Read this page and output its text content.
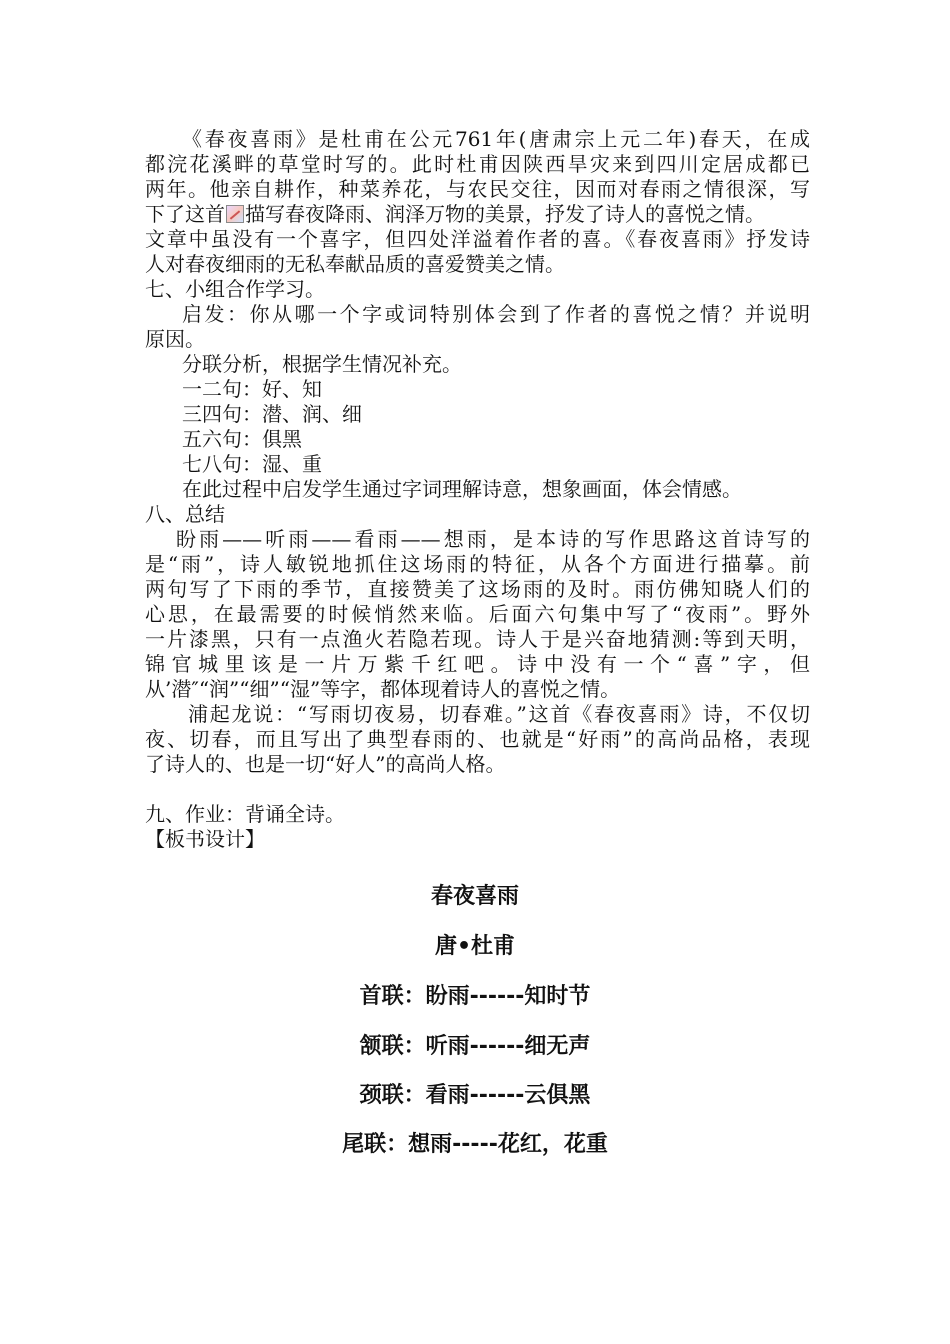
《春夜喜雨》是杜甫在公元761年(唐肃宗上元二年)春天，在成
都浣花溪畔的草堂时写的。此时杜甫因陕西旱灾来到四川定居成都已
两年。他亲自耕作，种菜养花，与农民交往，因而对春雨之情很深，写
下了这首 描写春夜降雨、润泽万物的美景，抒发了诗人的喜悦之情。
文章中虽没有一个喜字，但四处洋溢着作者的喜。《春夜喜雨》抒发诗
人对春夜细雨的无私奉献品质的喜爱赞美之情。
七、小组合作学习。
启发：你从哪一个字或词特别体会到了作者的喜悦之情？并说明
原因。
分联分析，根据学生情况补充。
一二句：好、知
三四句：潜、润、细
五六句：俱黑
七八句：湿、重
在此过程中启发学生通过字词理解诗意，想象画面，体会情感。
八、总结
盼雨——听雨——看雨——想雨，是本诗的写作思路这首诗写的
是“雨”，诗人敏锐地抓住这场雨的特征，从各个方面进行描摹。前
两句写了下雨的季节，直接赞美了这场雨的及时。雨仿佛知晓人们的
心思，在最需要的时候悄然来临。后面六句集中写了“夜雨”。野外
一片漆黑，只有一点渔火若隐若现。诗人于是兴奋地猜测:等到天明，
锦官城里该是一片万紫千红吧。诗中没有一个“喜”字，但
从’潜″“润”“细”“湿”等字，都体现着诗人的喜悦之情。
浦起龙说：“写雨切夜易，切春难。”这首《春夜喜雨》诗，不仅切
夜、切春，而且写出了典型春雨的、也就是“好雨”的高尚品格，表现
了诗人的、也是一切“好人”的高尚人格。
九、作业：背诵全诗。
【板书设计】
春夜喜雨
唐•杜甫
首联：盼雨------知时节
颔联：听雨------细无声
颈联：看雨------云俱黑
尾联：想雨-----花红，花重
